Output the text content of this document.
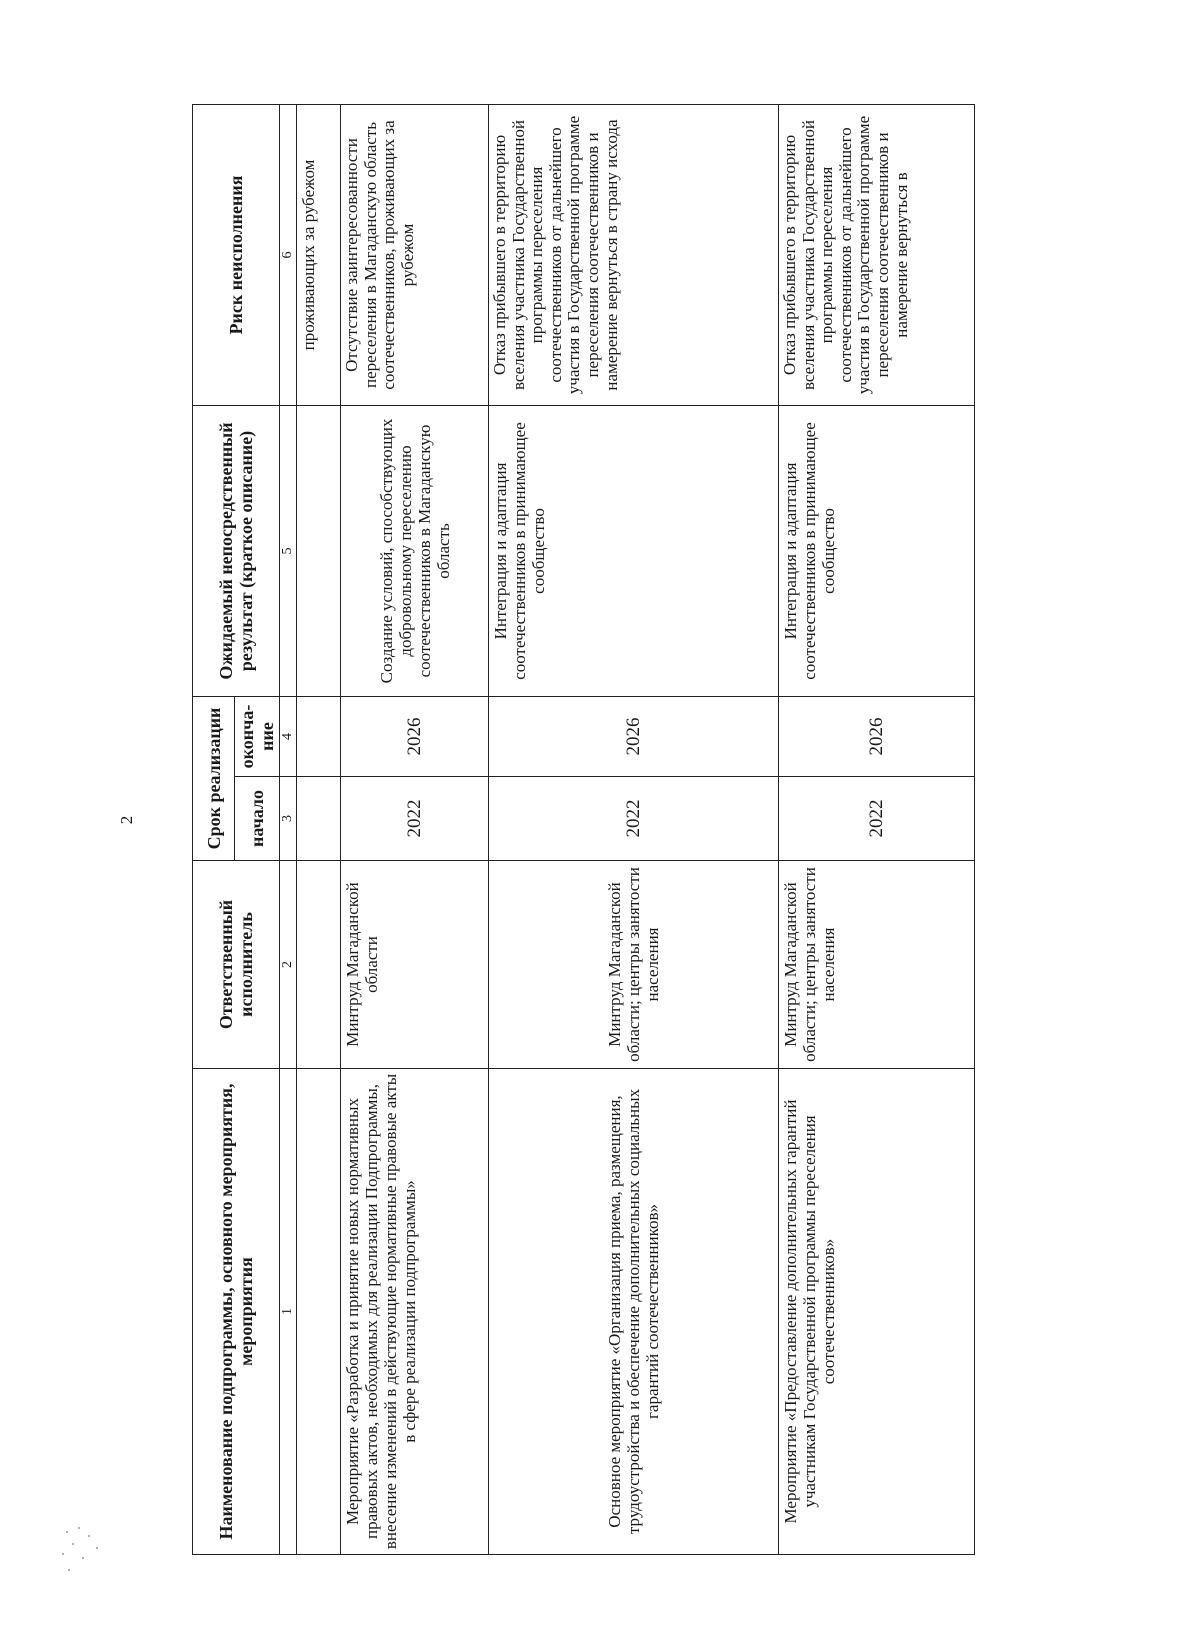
2
Наименование подпрограммы, основного мероприятия, мероприятия	Ответственный исполнитель	Срок реализации		Ожидаемый непосредственный результат (краткое описание)	Риск неисполнения
		начало	оконча-ние		
1	2	3	4	5	6
					проживающих за рубежом
Мероприятие «Разработка и принятие новых нормативных правовых актов, необходимых для реализации Подпрограммы, внесение изменений в действующие нормативные правовые акты в сфере реализации подпрограммы»	Минтруд Магаданской области	2022	2026	Создание условий, способствующих добровольному переселению соотечественников в Магаданскую область	Отсутствие заинтересованности переселения в Магаданскую область соотечественников, проживающих за рубежом
Основное мероприятие «Организация приема, размещения, трудоустройства и обеспечение дополнительных социальных гарантий соотечественников»	Минтруд Магаданской области; центры занятости населения	2022	2026	Интеграция и адаптация соотечественников в принимающее сообщество	Отказ прибывшего в территорию вселения участника Государственной программы переселения соотечественников от дальнейшего участия в Государственной программе переселения соотечественников и намерение вернуться в страну исхода
Мероприятие «Предоставление дополнительных гарантий участникам Государственной программы переселения соотечественников»	Минтруд Магаданской области; центры занятости населения	2022	2026	Интеграция и адаптация соотечественников в принимающее сообщество	Отказ прибывшего в территорию вселения участника Государственной программы переселения соотечественников от дальнейшего участия в Государственной программе переселения соотечественников и намерение вернуться в
